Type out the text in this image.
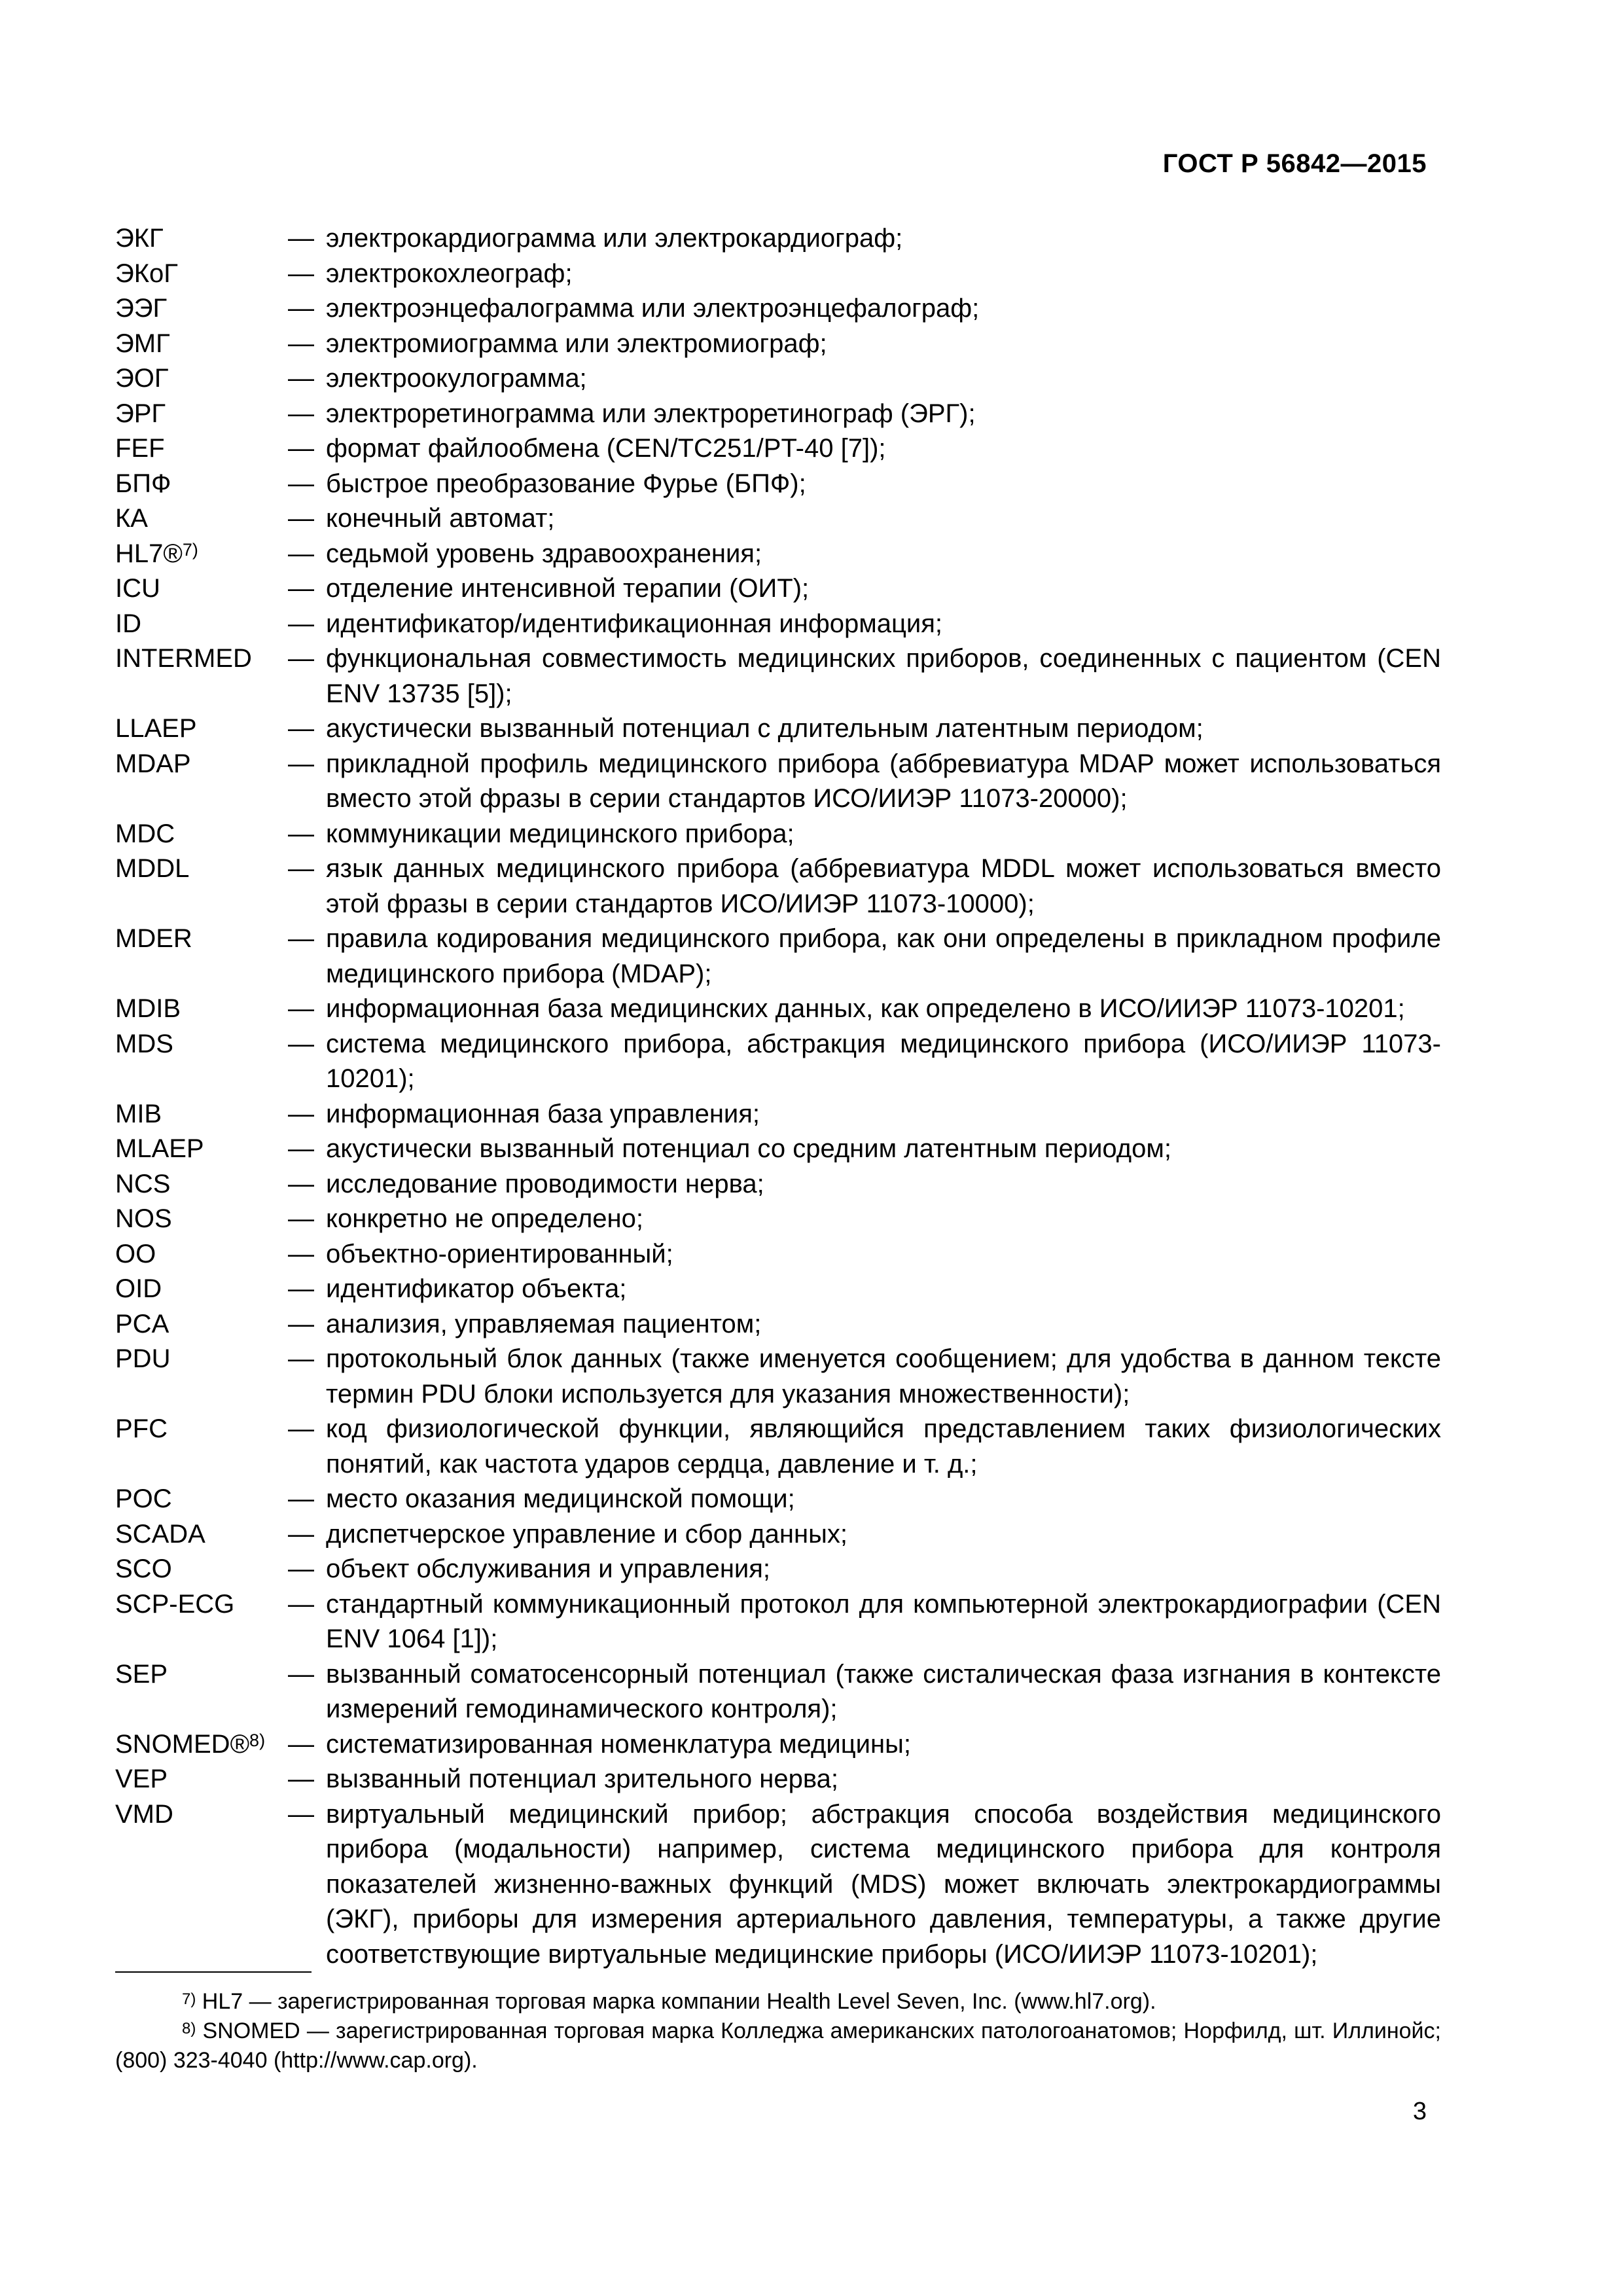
ГОСТ Р 56842—2015
ЭКГ	— электрокардиограмма или электрокардиограф;
ЭКоГ	— электрокохлеограф;
ЭЭГ	— электроэнцефалограмма или электроэнцефалограф;
ЭМГ	— электромиограмма или электромиограф;
ЭОГ	— электроокулограмма;
ЭРГ	— электроретинограмма или электроретинограф (ЭРГ);
FEF	— формат файлообмена (CEN/TC251/PT-40 [7]);
БПФ	— быстрое преобразование Фурье (БПФ);
КА	— конечный автомат;
HL7®$^{7)}$	— седьмой уровень здравоохранения;
ICU	— отделение интенсивной терапии (ОИТ);
ID	— идентификатор/идентификационная информация;
INTERMED — функциональная совместимость медицинских приборов, соединенных с пациентом (CEN ENV 13735 [5]);
LLAEP	— акустически вызванный потенциал с длительным латентным периодом;
MDAP	— прикладной профиль медицинского прибора (аббревиатура MDAP может использоваться вместо этой фразы в серии стандартов ИСО/ИИЭР 11073-20000);
MDC	— коммуникации медицинского прибора;
MDDL	— язык данных медицинского прибора (аббревиатура MDDL может использоваться вместо этой фразы в серии стандартов ИСО/ИИЭР 11073-10000);
MDER	— правила кодирования медицинского прибора, как они определены в прикладном профиле медицинского прибора (MDAP);
MDIB	— информационная база медицинских данных, как определено в ИСО/ИИЭР 11073-10201;
MDS	— система медицинского прибора, абстракция медицинского прибора (ИСО/ИИЭР 11073-10201);
MIB	— информационная база управления;
MLAEP	— акустически вызванный потенциал со средним латентным периодом;
NCS	— исследование проводимости нерва;
NOS	— конкретно не определено;
OO	— объектно-ориентированный;
OID	— идентификатор объекта;
PCA	— анализия, управляемая пациентом;
PDU	— протокольный блок данных (также именуется сообщением; для удобства в данном тексте термин PDU блоки используется для указания множественности);
PFC	— код физиологической функции, являющийся представлением таких физиологических понятий, как частота ударов сердца, давление и т. д.;
POC	— место оказания медицинской помощи;
SCADA	— диспетчерское управление и сбор данных;
SCO	— объект обслуживания и управления;
SCP-ECG — стандартный коммуникационный протокол для компьютерной электрокардиографии (CEN ENV 1064 [1]);
SEP	— вызванный соматосенсорный потенциал (также систалическая фаза изгнания в контексте измерений гемодинамического контроля);
SNOMED®$^{8)}$ — систематизированная номенклатура медицины;
VEP	— вызванный потенциал зрительного нерва;
VMD	— виртуальный медицинский прибор; абстракция способа воздействия медицинского прибора (модальности) например, система медицинского прибора для контроля показателей жизненно-важных функций (MDS) может включать электрокардиограммы (ЭКГ), приборы для измерения артериального давления, температуры, а также другие соответствующие виртуальные медицинские приборы (ИСО/ИИЭР 11073-10201);
$^{7)}$ HL7 — зарегистрированная торговая марка компании Health Level Seven, Inc. (www.hl7.org).
$^{8)}$ SNOMED — зарегистрированная торговая марка Колледжа американских патологоанатомов; Норфилд, шт. Иллинойс; (800) 323-4040 (http://www.cap.org).
3
